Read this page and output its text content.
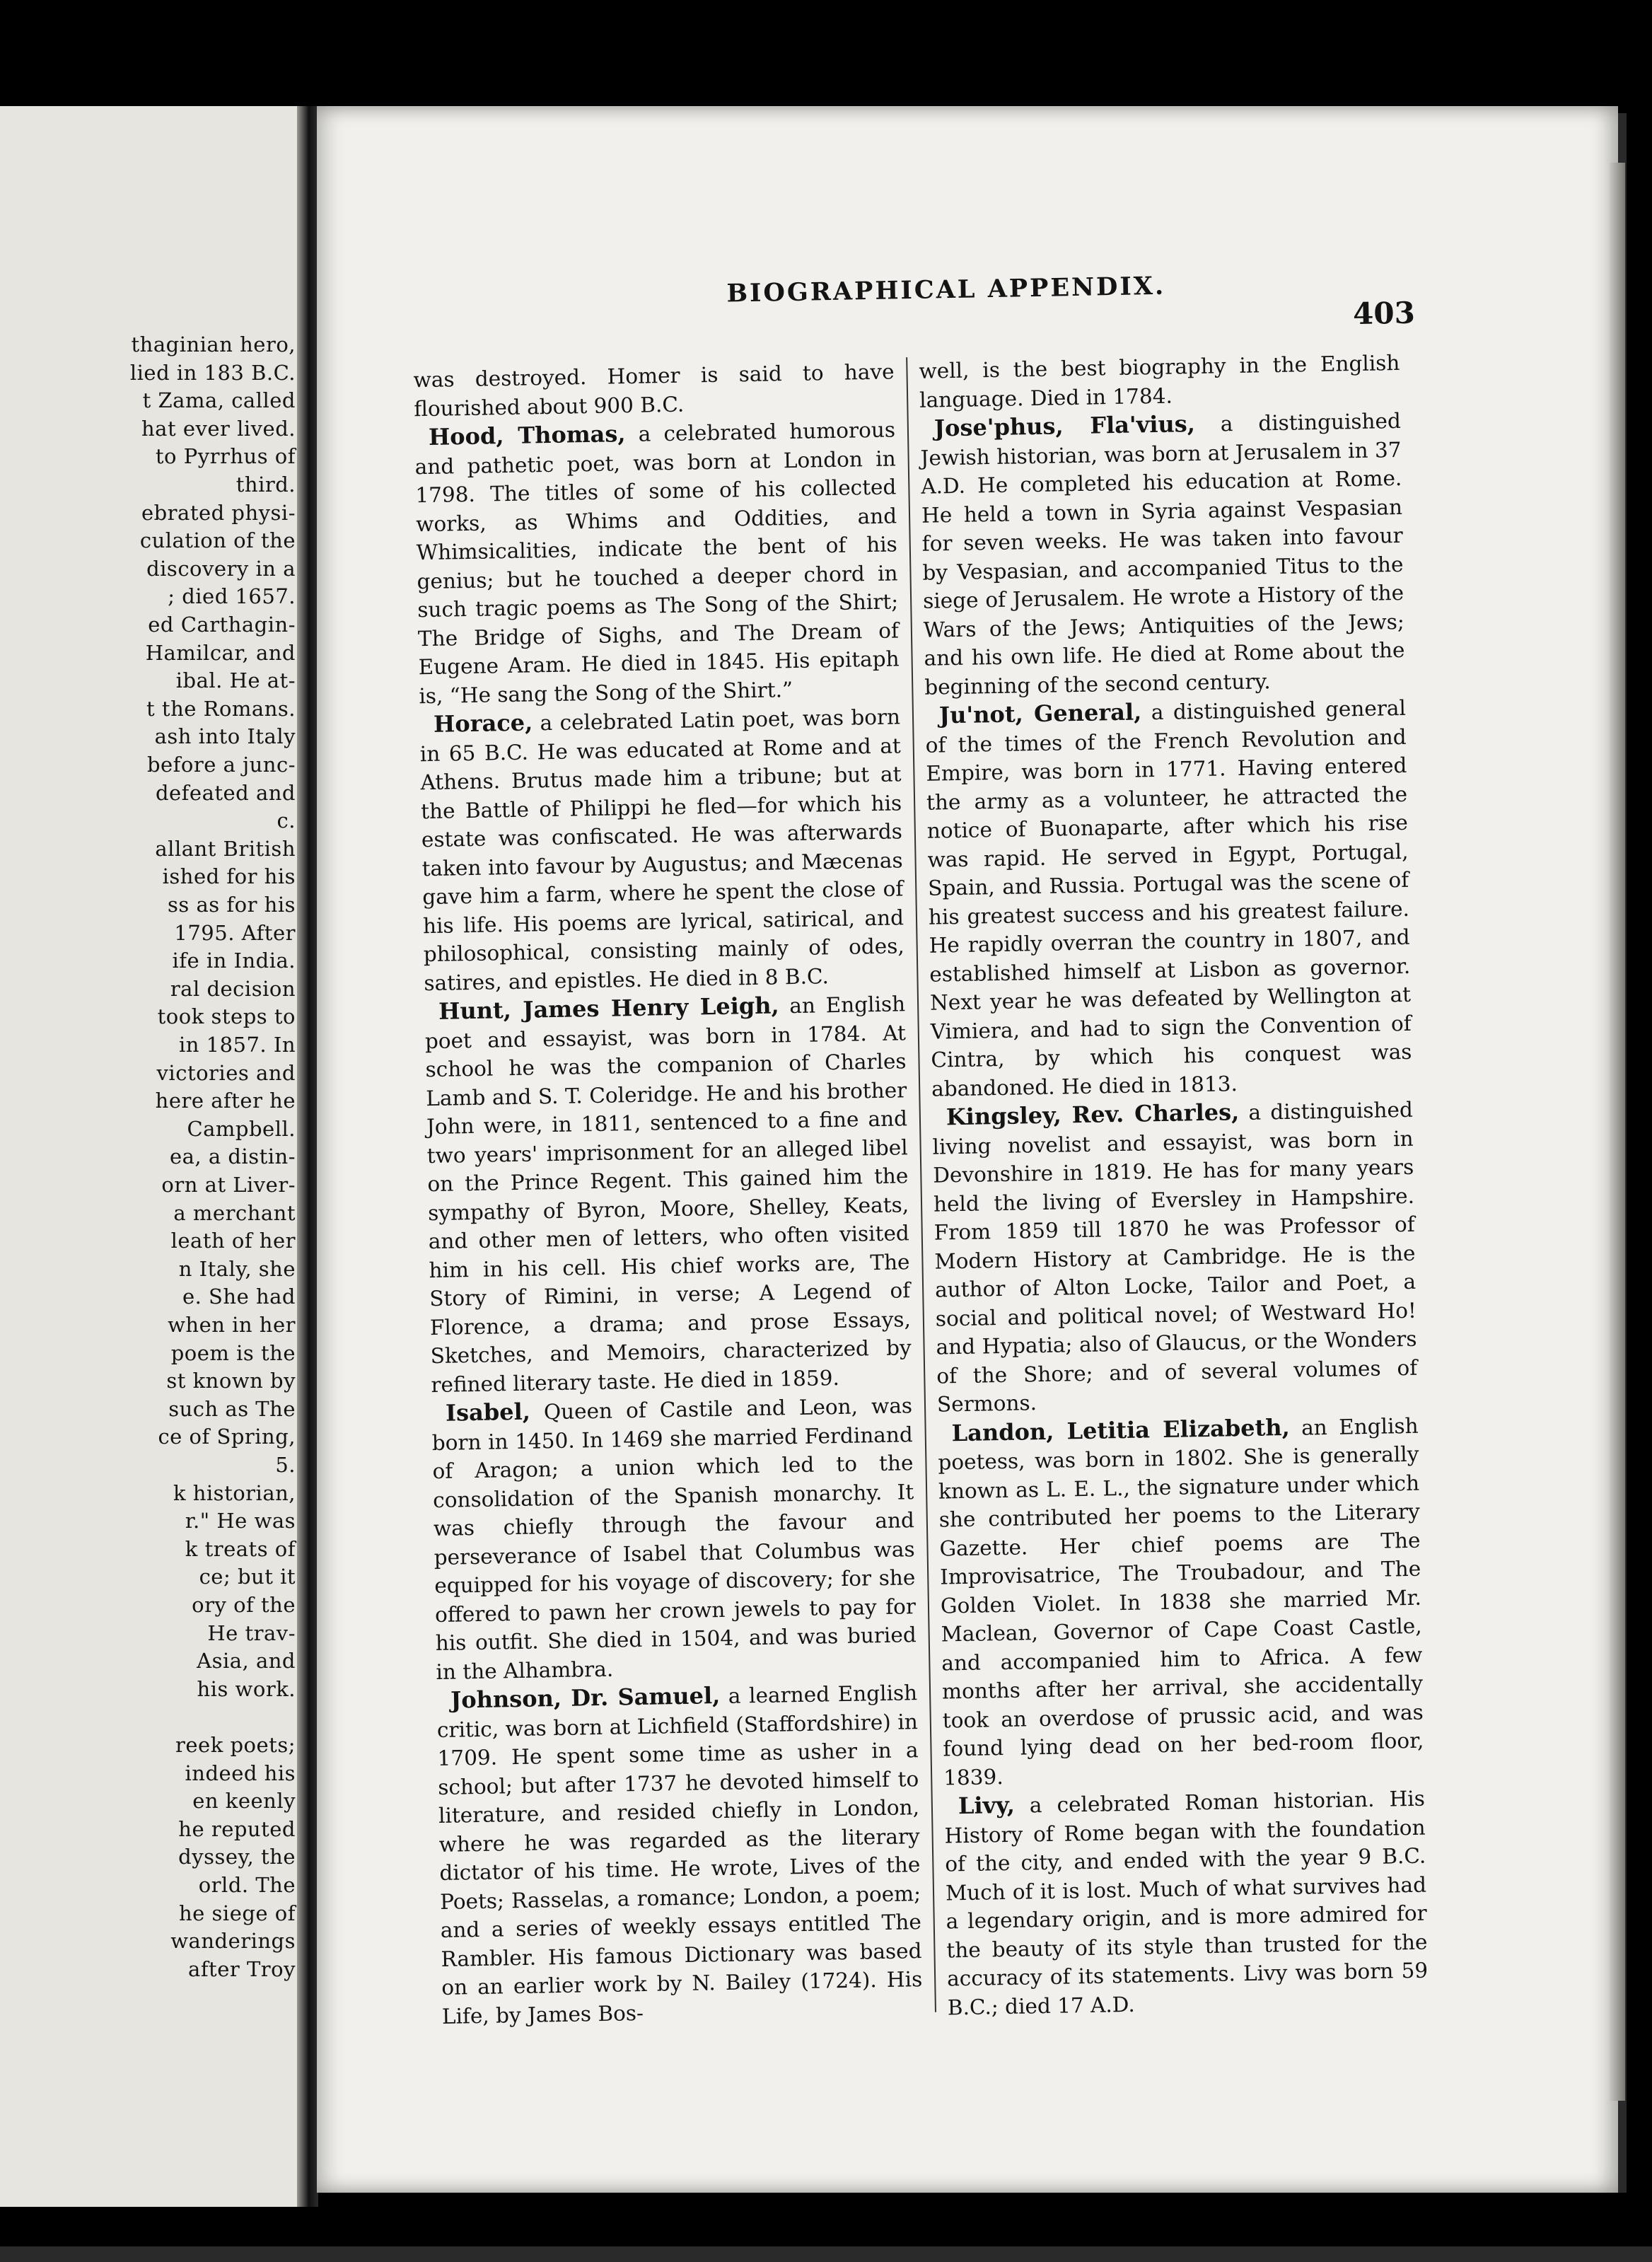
thaginian hero,
lied in 183 B.C.
t Zama, called
hat ever lived.
to Pyrrhus of
third.
ebrated physi-
culation of the
discovery in a
; died 1657.
ed Carthagin-
Hamilcar, and
ibal. He at-
t the Romans.
ash into Italy
before a junc-
defeated and
c.
allant British
ished for his
ss as for his
1795. After
ife in India.
ral decision
took steps to
in 1857. In
victories and
here after he
Campbell.
ea, a distin-
orn at Liver-
a merchant
leath of her
n Italy, she
e. She had
when in her
poem is the
st known by
such as The
ce of Spring,
5.
k historian,
r." He was
k treats of
ce; but it
ory of the
He trav-
Asia, and
his work.
reek poets;
indeed his
en keenly
he reputed
dyssey, the
orld. The
he siege of
wanderings
after Troy
BIOGRAPHICAL APPENDIX.
403

was destroyed. Homer is said to have flourished about 900 B.C.

Hood, Thomas, a celebrated humorous and pathetic poet, was born at London in 1798. The titles of some of his collected works, as Whims and Oddities, and Whimsicalities, indicate the bent of his genius; but he touched a deeper chord in such tragic poems as The Song of the Shirt; The Bridge of Sighs, and The Dream of Eugene Aram. He died in 1845. His epitaph is, “He sang the Song of the Shirt.”

Horace, a celebrated Latin poet, was born in 65 B.C. He was educated at Rome and at Athens. Brutus made him a tribune; but at the Battle of Philippi he fled—for which his estate was confiscated. He was afterwards taken into favour by Augustus; and Mæcenas gave him a farm, where he spent the close of his life. His poems are lyrical, satirical, and philosophical, consisting mainly of odes, satires, and epistles. He died in 8 B.C.

Hunt, James Henry Leigh, an English poet and essayist, was born in 1784. At school he was the companion of Charles Lamb and S. T. Coleridge. He and his brother John were, in 1811, sentenced to a fine and two years' imprisonment for an alleged libel on the Prince Regent. This gained him the sympathy of Byron, Moore, Shelley, Keats, and other men of letters, who often visited him in his cell. His chief works are, The Story of Rimini, in verse; A Legend of Florence, a drama; and prose Essays, Sketches, and Memoirs, characterized by refined literary taste. He died in 1859.

Isabel, Queen of Castile and Leon, was born in 1450. In 1469 she married Ferdinand of Aragon; a union which led to the consolidation of the Spanish monarchy. It was chiefly through the favour and perseverance of Isabel that Columbus was equipped for his voyage of discovery; for she offered to pawn her crown jewels to pay for his outfit. She died in 1504, and was buried in the Alhambra.

Johnson, Dr. Samuel, a learned English critic, was born at Lichfield (Staffordshire) in 1709. He spent some time as usher in a school; but after 1737 he devoted himself to literature, and resided chiefly in London, where he was regarded as the literary dictator of his time. He wrote, Lives of the Poets; Rasselas, a romance; London, a poem; and a series of weekly essays entitled The Rambler. His famous Dictionary was based on an earlier work by N. Bailey (1724). His Life, by James Bos-

well, is the best biography in the English language. Died in 1784.

Jose'phus, Fla'vius, a distinguished Jewish historian, was born at Jerusalem in 37 A.D. He completed his education at Rome. He held a town in Syria against Vespasian for seven weeks. He was taken into favour by Vespasian, and accompanied Titus to the siege of Jerusalem. He wrote a History of the Wars of the Jews; Antiquities of the Jews; and his own life. He died at Rome about the beginning of the second century.

Ju'not, General, a distinguished general of the times of the French Revolution and Empire, was born in 1771. Having entered the army as a volunteer, he attracted the notice of Buonaparte, after which his rise was rapid. He served in Egypt, Portugal, Spain, and Russia. Portugal was the scene of his greatest success and his greatest failure. He rapidly overran the country in 1807, and established himself at Lisbon as governor. Next year he was defeated by Wellington at Vimiera, and had to sign the Convention of Cintra, by which his conquest was abandoned. He died in 1813.

Kingsley, Rev. Charles, a distinguished living novelist and essayist, was born in Devonshire in 1819. He has for many years held the living of Eversley in Hampshire. From 1859 till 1870 he was Professor of Modern History at Cambridge. He is the author of Alton Locke, Tailor and Poet, a social and political novel; of Westward Ho! and Hypatia; also of Glaucus, or the Wonders of the Shore; and of several volumes of Sermons.

Landon, Letitia Elizabeth, an English poetess, was born in 1802. She is generally known as L. E. L., the signature under which she contributed her poems to the Literary Gazette. Her chief poems are The Improvisatrice, The Troubadour, and The Golden Violet. In 1838 she married Mr. Maclean, Governor of Cape Coast Castle, and accompanied him to Africa. A few months after her arrival, she accidentally took an overdose of prussic acid, and was found lying dead on her bed-room floor, 1839.

Livy, a celebrated Roman historian. His History of Rome began with the foundation of the city, and ended with the year 9 B.C. Much of it is lost. Much of what survives had a legendary origin, and is more admired for the beauty of its style than trusted for the accuracy of its statements. Livy was born 59 B.C.; died 17 A.D.
